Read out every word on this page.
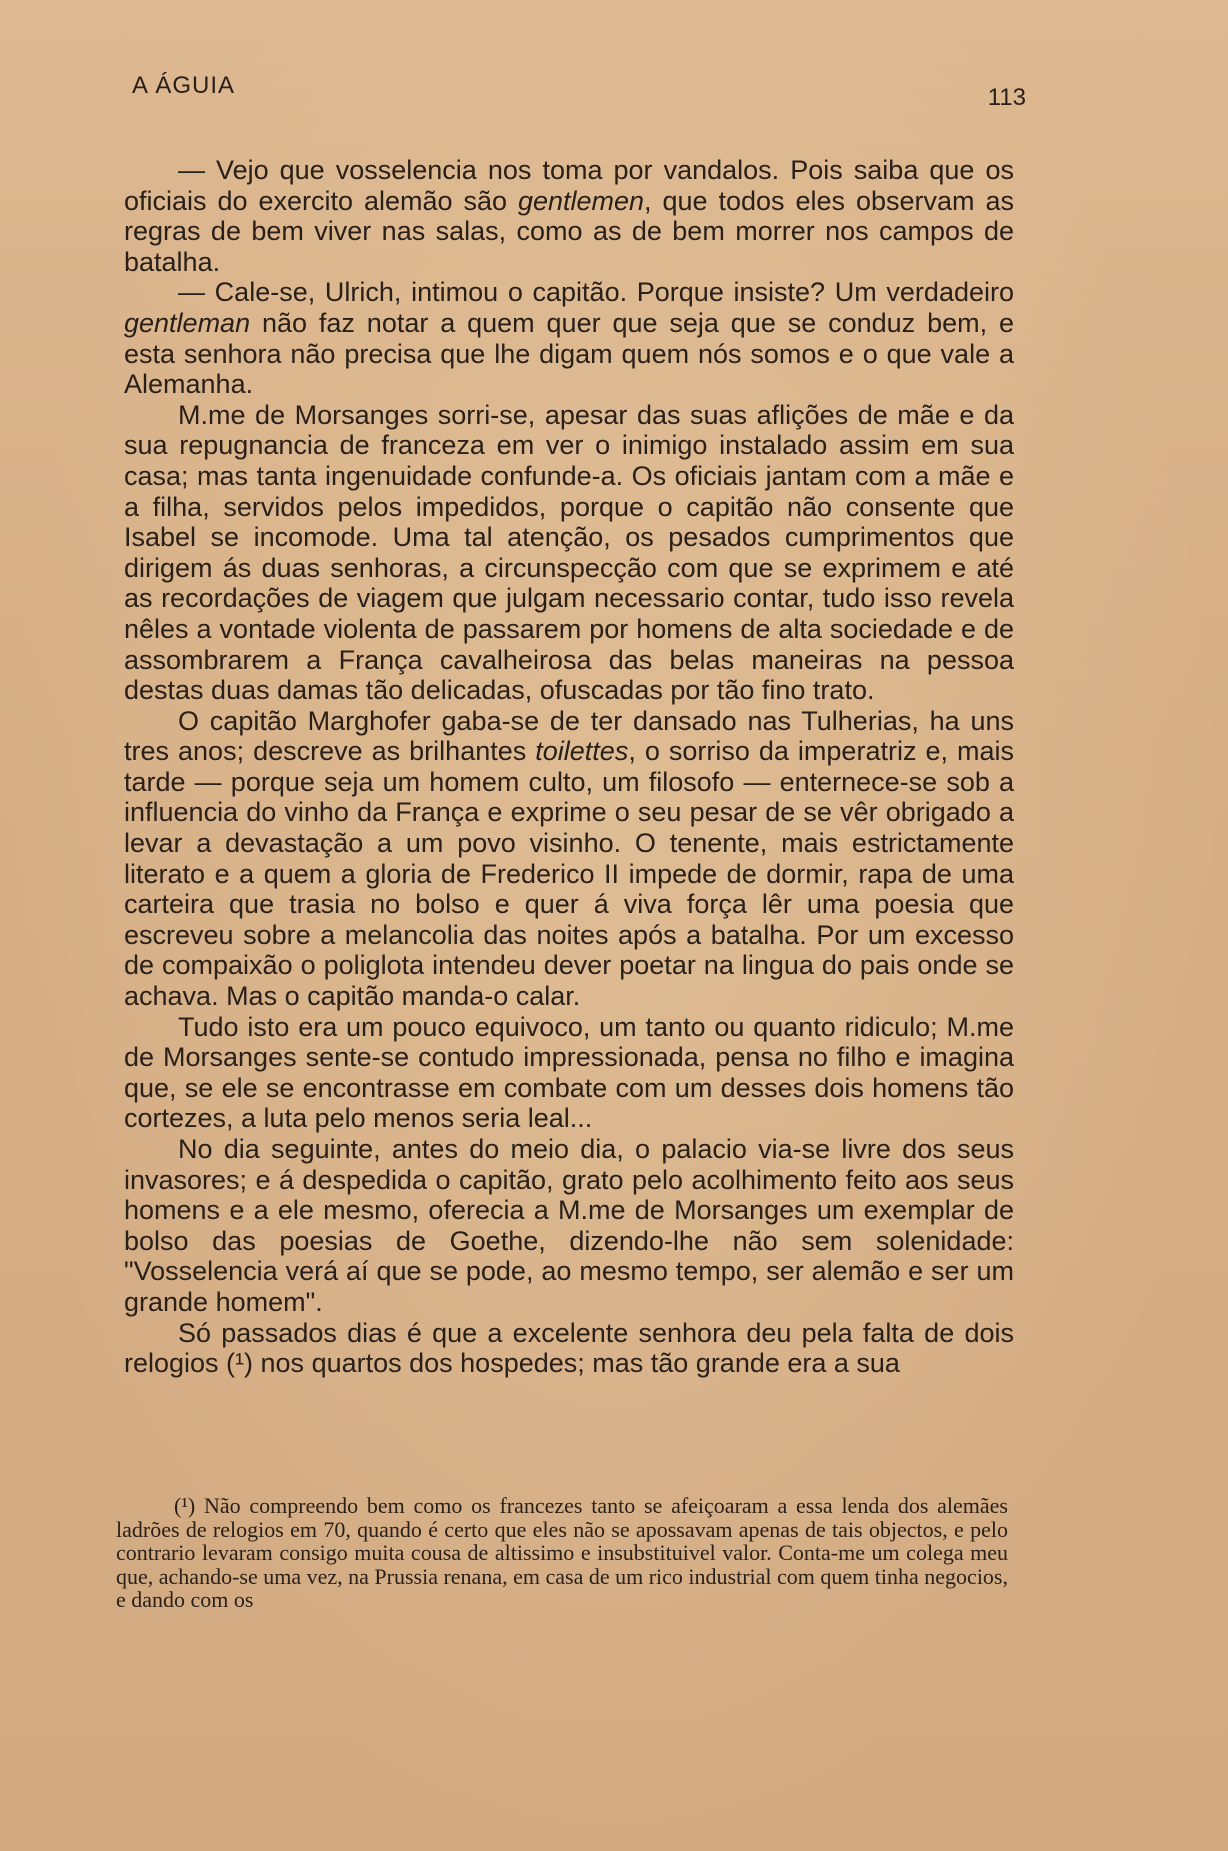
A ÁGUIA	113

— Vejo que vosselencia nos toma por vandalos. Pois saiba que os oficiais do exercito alemão são gentlemen, que todos eles observam as regras de bem viver nas salas, como as de bem morrer nos campos de batalha.

— Cale-se, Ulrich, intimou o capitão. Porque insiste? Um verdadeiro gentleman não faz notar a quem quer que seja que se conduz bem, e esta senhora não precisa que lhe digam quem nós somos e o que vale a Alemanha.

M.me de Morsanges sorri-se, apesar das suas aflições de mãe e da sua repugnancia de franceza em ver o inimigo instalado assim em sua casa; mas tanta ingenuidade confunde-a. Os oficiais jantam com a mãe e a filha, servidos pelos impedidos, porque o capitão não consente que Isabel se incomode. Uma tal atenção, os pesados cumprimentos que dirigem ás duas senhoras, a circunspecção com que se exprimem e até as recordações de viagem que julgam necessario contar, tudo isso revela nêles a vontade violenta de passarem por homens de alta sociedade e de assombrarem a França cavalheirosa das belas maneiras na pessoa destas duas damas tão delicadas, ofuscadas por tão fino trato.

O capitão Marghofer gaba-se de ter dansado nas Tulherias, ha uns tres anos; descreve as brilhantes toilettes, o sorriso da imperatriz e, mais tarde — porque seja um homem culto, um filosofo — enternece-se sob a influencia do vinho da França e exprime o seu pesar de se vêr obrigado a levar a devastação a um povo visinho. O tenente, mais estrictamente literato e a quem a gloria de Frederico II impede de dormir, rapa de uma carteira que trasia no bolso e quer á viva força lêr uma poesia que escreveu sobre a melancolia das noites após a batalha. Por um excesso de compaixão o poliglota intendeu dever poetar na lingua do pais onde se achava. Mas o capitão manda-o calar.

Tudo isto era um pouco equivoco, um tanto ou quanto ridiculo; M.me de Morsanges sente-se contudo impressionada, pensa no filho e imagina que, se ele se encontrasse em combate com um desses dois homens tão cortezes, a luta pelo menos seria leal...

No dia seguinte, antes do meio dia, o palacio via-se livre dos seus invasores; e á despedida o capitão, grato pelo acolhimento feito aos seus homens e a ele mesmo, oferecia a M.me de Morsanges um exemplar de bolso das poesias de Goethe, dizendo-lhe não sem solenidade: "Vosselencia verá aí que se pode, ao mesmo tempo, ser alemão e ser um grande homem".

Só passados dias é que a excelente senhora deu pela falta de dois relogios (¹) nos quartos dos hospedes; mas tão grande era a sua

(¹) Não compreendo bem como os francezes tanto se afeiçoaram a essa lenda dos alemães ladrões de relogios em 70, quando é certo que eles não se apossavam apenas de tais objectos, e pelo contrario levaram consigo muita cousa de altissimo e insubstituivel valor. Conta-me um colega meu que, achando-se uma vez, na Prussia renana, em casa de um rico industrial com quem tinha negocios, e dando com os
